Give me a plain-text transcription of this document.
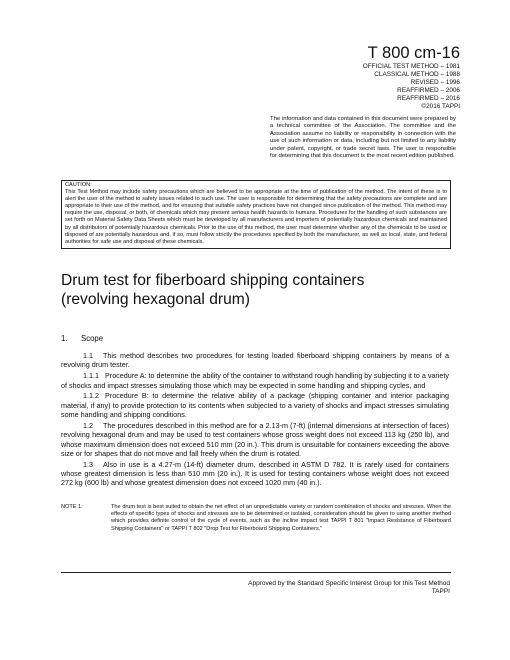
T 800 cm-16
OFFICIAL TEST METHOD – 1981
CLASSICAL METHOD – 1988
REVISED – 1996
REAFFIRMED – 2006
REAFFIRMED – 2016
©2016 TAPPI
The information and data contained in this document were prepared by a technical committee of the Association. The committee and the Association assume no liability or responsibility in connection with the use of such information or data, including but not limited to any liability under patent, copyright, or trade secret laws. The user is responsible for determining that this document is the most recent edition published.
CAUTION:
This Test Method may include safety precautions which are believed to be appropriate at the time of publication of the method. The intent of these is to alert the user of the method to safety issues related to such use. The user is responsible for determining that the safety precautions are complete and are appropriate to their use of the method, and for ensuring that suitable safety practices have not changed since publication of the method. This method may require the use, disposal, or both, of chemicals which may present serious health hazards to humans. Procedures for the handling of such substances are set forth on Material Safety Data Sheets which must be developed by all manufacturers and importers of potentially hazardous chemicals and maintained by all distributors of potentially hazardous chemicals. Prior to the use of this method, the user must determine whether any of the chemicals to be used or disposed of are potentially hazardous and, if so, must follow strictly the procedures specified by both the manufacturer, as well as local, state, and federal authorities for safe use and disposal of these chemicals.
Drum test for fiberboard shipping containers
(revolving hexagonal drum)
1. Scope

1.1 This method describes two procedures for testing loaded fiberboard shipping containers by means of a revolving drum tester.

1.1.1 Procedure A: to determine the ability of the container to withstand rough handling by subjecting it to a variety of shocks and impact stresses simulating those which may be expected in some handling and shipping cycles, and

1.1.2 Procedure B: to determine the relative ability of a package (shipping container and interior packaging material, if any) to provide protection to its contents when subjected to a variety of shocks and impact stresses simulating some handling and shipping conditions.

1.2 The procedures described in this method are for a 2.13-m (7-ft) (internal dimensions at intersection of faces) revolving hexagonal drum and may be used to test containers whose gross weight does not exceed 113 kg (250 lb), and whose maximum dimension does not exceed 510 mm (20 in.). This drum is unsuitable for containers exceeding the above size or for shapes that do not move and fall freely when the drum is rotated.

1.3 Also in use is a 4.27-m (14-ft) diameter drum, described in ASTM D 782. It is rarely used for containers whose greatest dimension is less than 510 mm (20 in.). It is used for testing containers whose weight does not exceed 272 kg (600 lb) and whose greatest dimension does not exceed 1020 mm (40 in.).

NOTE 1:	The drum test is best suited to obtain the net effect of an unpredictable variety or random combination of shocks and stresses. When the effects of specific types of shocks and stresses are to be determined or isolated, consideration should be given to using another method which provides definite control of the cycle of events, such as the incline impact test TAPPI T 801 "Impact Resistance of Fiberboard Shipping Containers" or TAPPI T 802 "Drop Test for Fiberboard Shipping Containers."
Approved by the Standard Specific Interest Group for this Test Method
TAPPI
